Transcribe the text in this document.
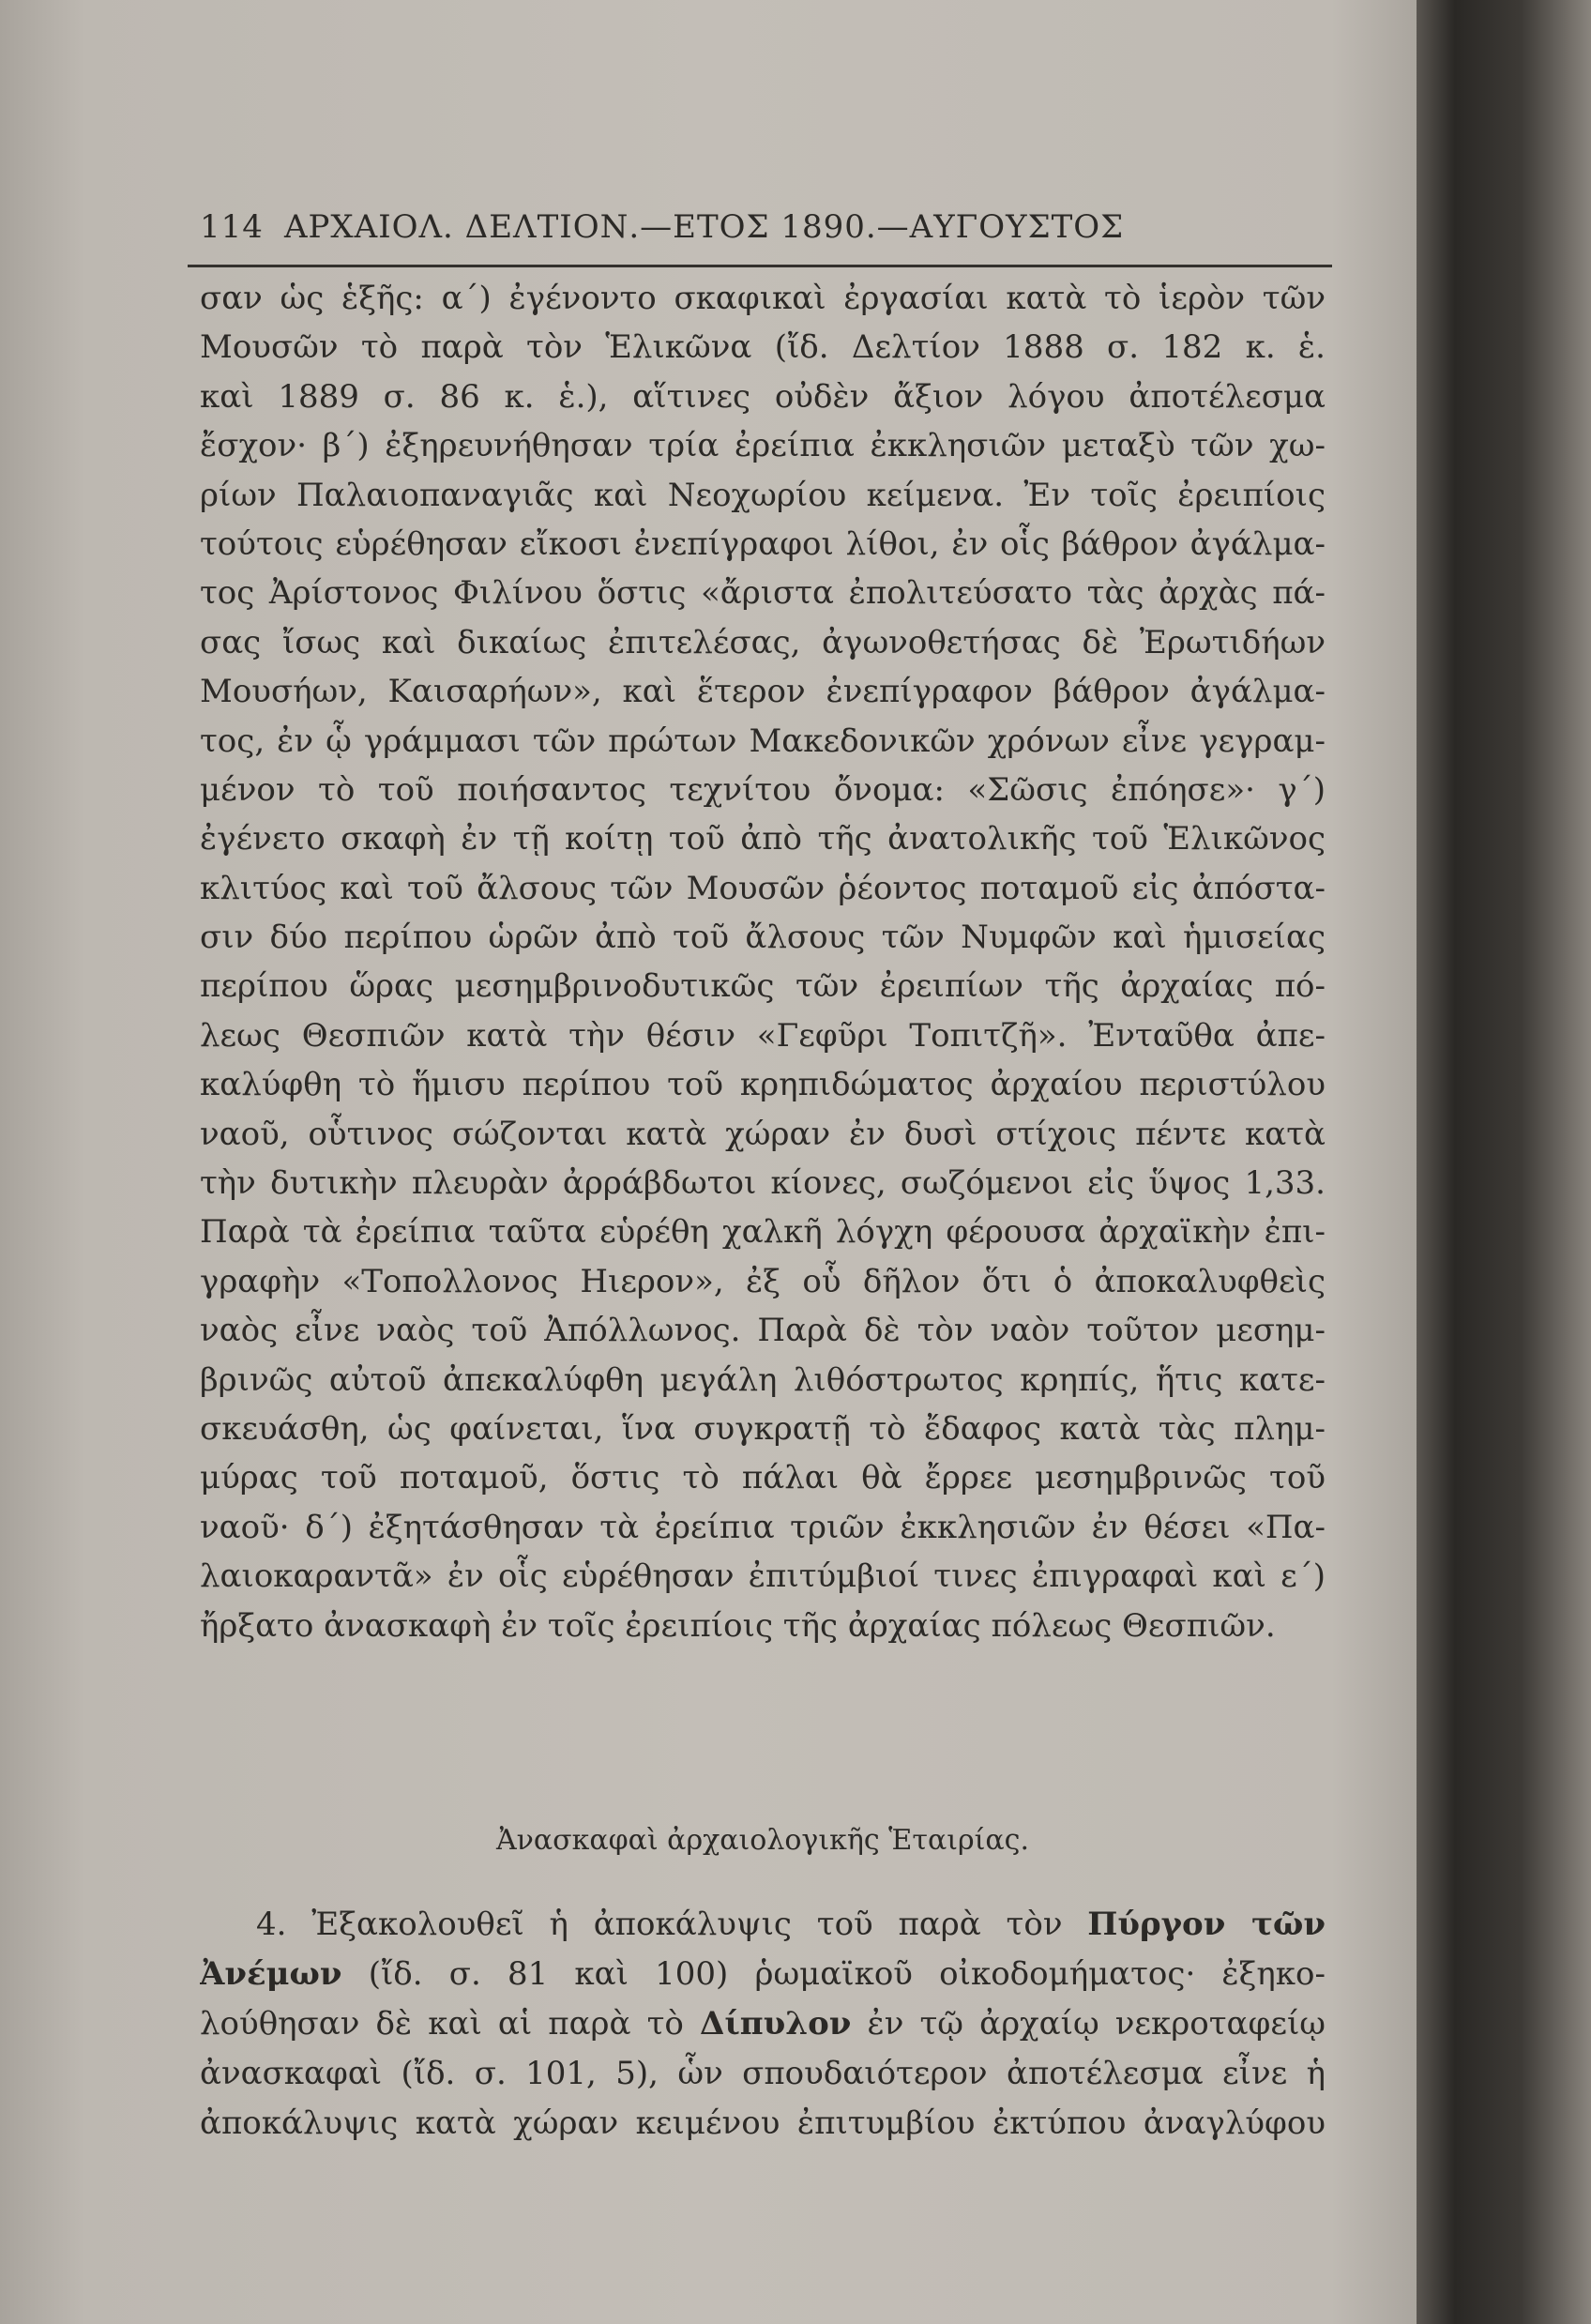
114 ΑΡΧΑΙΟΛ. ΔΕΛΤΙΟΝ.—ΕΤΟΣ 1890.—ΑΥΓΟΥΣΤΟΣ
σαν ὡς ἑξῆς: α΄) ἐγένοντο σκαφικαὶ ἐργασίαι κατὰ τὸ ἱερὸν τῶν
Μουσῶν τὸ παρὰ τὸν Ἑλικῶνα (ἴδ. Δελτίον 1888 σ. 182 κ. ἑ.
καὶ 1889 σ. 86 κ. ἑ.), αἵτινες οὐδὲν ἄξιον λόγου ἀποτέλεσμα
ἔσχον· β΄) ἐξηρευνήθησαν τρία ἐρείπια ἐκκλησιῶν μεταξὺ τῶν χω-
ρίων Παλαιοπαναγιᾶς καὶ Νεοχωρίου κείμενα. Ἐν τοῖς ἐρειπίοις
τούτοις εὑρέθησαν εἴκοσι ἐνεπίγραφοι λίθοι, ἐν οἷς βάθρον ἀγάλμα-
τος Ἀρίστονος Φιλίνου ὅστις «ἄριστα ἐπολιτεύσατο τὰς ἀρχὰς πά-
σας ἴσως καὶ δικαίως ἐπιτελέσας, ἀγωνοθετήσας δὲ Ἐρωτιδήων
Μουσήων, Καισαρήων», καὶ ἕτερον ἐνεπίγραφον βάθρον ἀγάλμα-
τος, ἐν ᾧ γράμμασι τῶν πρώτων Μακεδονικῶν χρόνων εἶνε γεγραμ-
μένον τὸ τοῦ ποιήσαντος τεχνίτου ὄνομα: «Σῶσις ἐπόησε»· γ΄)
ἐγένετο σκαφὴ ἐν τῇ κοίτῃ τοῦ ἀπὸ τῆς ἀνατολικῆς τοῦ Ἑλικῶνος
κλιτύος καὶ τοῦ ἄλσους τῶν Μουσῶν ῥέοντος ποταμοῦ εἰς ἀπόστα-
σιν δύο περίπου ὡρῶν ἀπὸ τοῦ ἄλσους τῶν Νυμφῶν καὶ ἡμισείας
περίπου ὥρας μεσημβρινοδυτικῶς τῶν ἐρειπίων τῆς ἀρχαίας πό-
λεως Θεσπιῶν κατὰ τὴν θέσιν «Γεφῦρι Τοπιτζῆ». Ἐνταῦθα ἀπε-
καλύφθη τὸ ἥμισυ περίπου τοῦ κρηπιδώματος ἀρχαίου περιστύλου
ναοῦ, οὗτινος σώζονται κατὰ χώραν ἐν δυσὶ στίχοις πέντε κατὰ
τὴν δυτικὴν πλευρὰν ἀρράβδωτοι κίονες, σωζόμενοι εἰς ὕψος 1,33.
Παρὰ τὰ ἐρείπια ταῦτα εὑρέθη χαλκῆ λόγχη φέρουσα ἀρχαϊκὴν ἐπι-
γραφὴν «Τοπολλονος Ηιερον», ἐξ οὗ δῆλον ὅτι ὁ ἀποκαλυφθεὶς
ναὸς εἶνε ναὸς τοῦ Ἀπόλλωνος. Παρὰ δὲ τὸν ναὸν τοῦτον μεσημ-
βρινῶς αὐτοῦ ἀπεκαλύφθη μεγάλη λιθόστρωτος κρηπίς, ἥτις κατε-
σκευάσθη, ὡς φαίνεται, ἵνα συγκρατῇ τὸ ἔδαφος κατὰ τὰς πλημ-
μύρας τοῦ ποταμοῦ, ὅστις τὸ πάλαι θὰ ἔρρεε μεσημβρινῶς τοῦ
ναοῦ· δ΄) ἐξητάσθησαν τὰ ἐρείπια τριῶν ἐκκλησιῶν ἐν θέσει «Πα-
λαιοκαραντᾶ» ἐν οἷς εὑρέθησαν ἐπιτύμβιοί τινες ἐπιγραφαὶ καὶ ε΄)
ἤρξατο ἀνασκαφὴ ἐν τοῖς ἐρειπίοις τῆς ἀρχαίας πόλεως Θεσπιῶν.
Ἀνασκαφαὶ ἀρχαιολογικῆς Ἑταιρίας.
4. Ἐξακολουθεῖ ἡ ἀποκάλυψις τοῦ παρὰ τὸν Πύργον τῶν
Ἀνέμων (ἴδ. σ. 81 καὶ 100) ῥωμαϊκοῦ οἰκοδομήματος· ἐξηκο-
λούθησαν δὲ καὶ αἱ παρὰ τὸ Δίπυλον ἐν τῷ ἀρχαίῳ νεκροταφείῳ
ἀνασκαφαὶ (ἴδ. σ. 101, 5), ὧν σπουδαιότερον ἀποτέλεσμα εἶνε ἡ
ἀποκάλυψις κατὰ χώραν κειμένου ἐπιτυμβίου ἐκτύπου ἀναγλύφου
